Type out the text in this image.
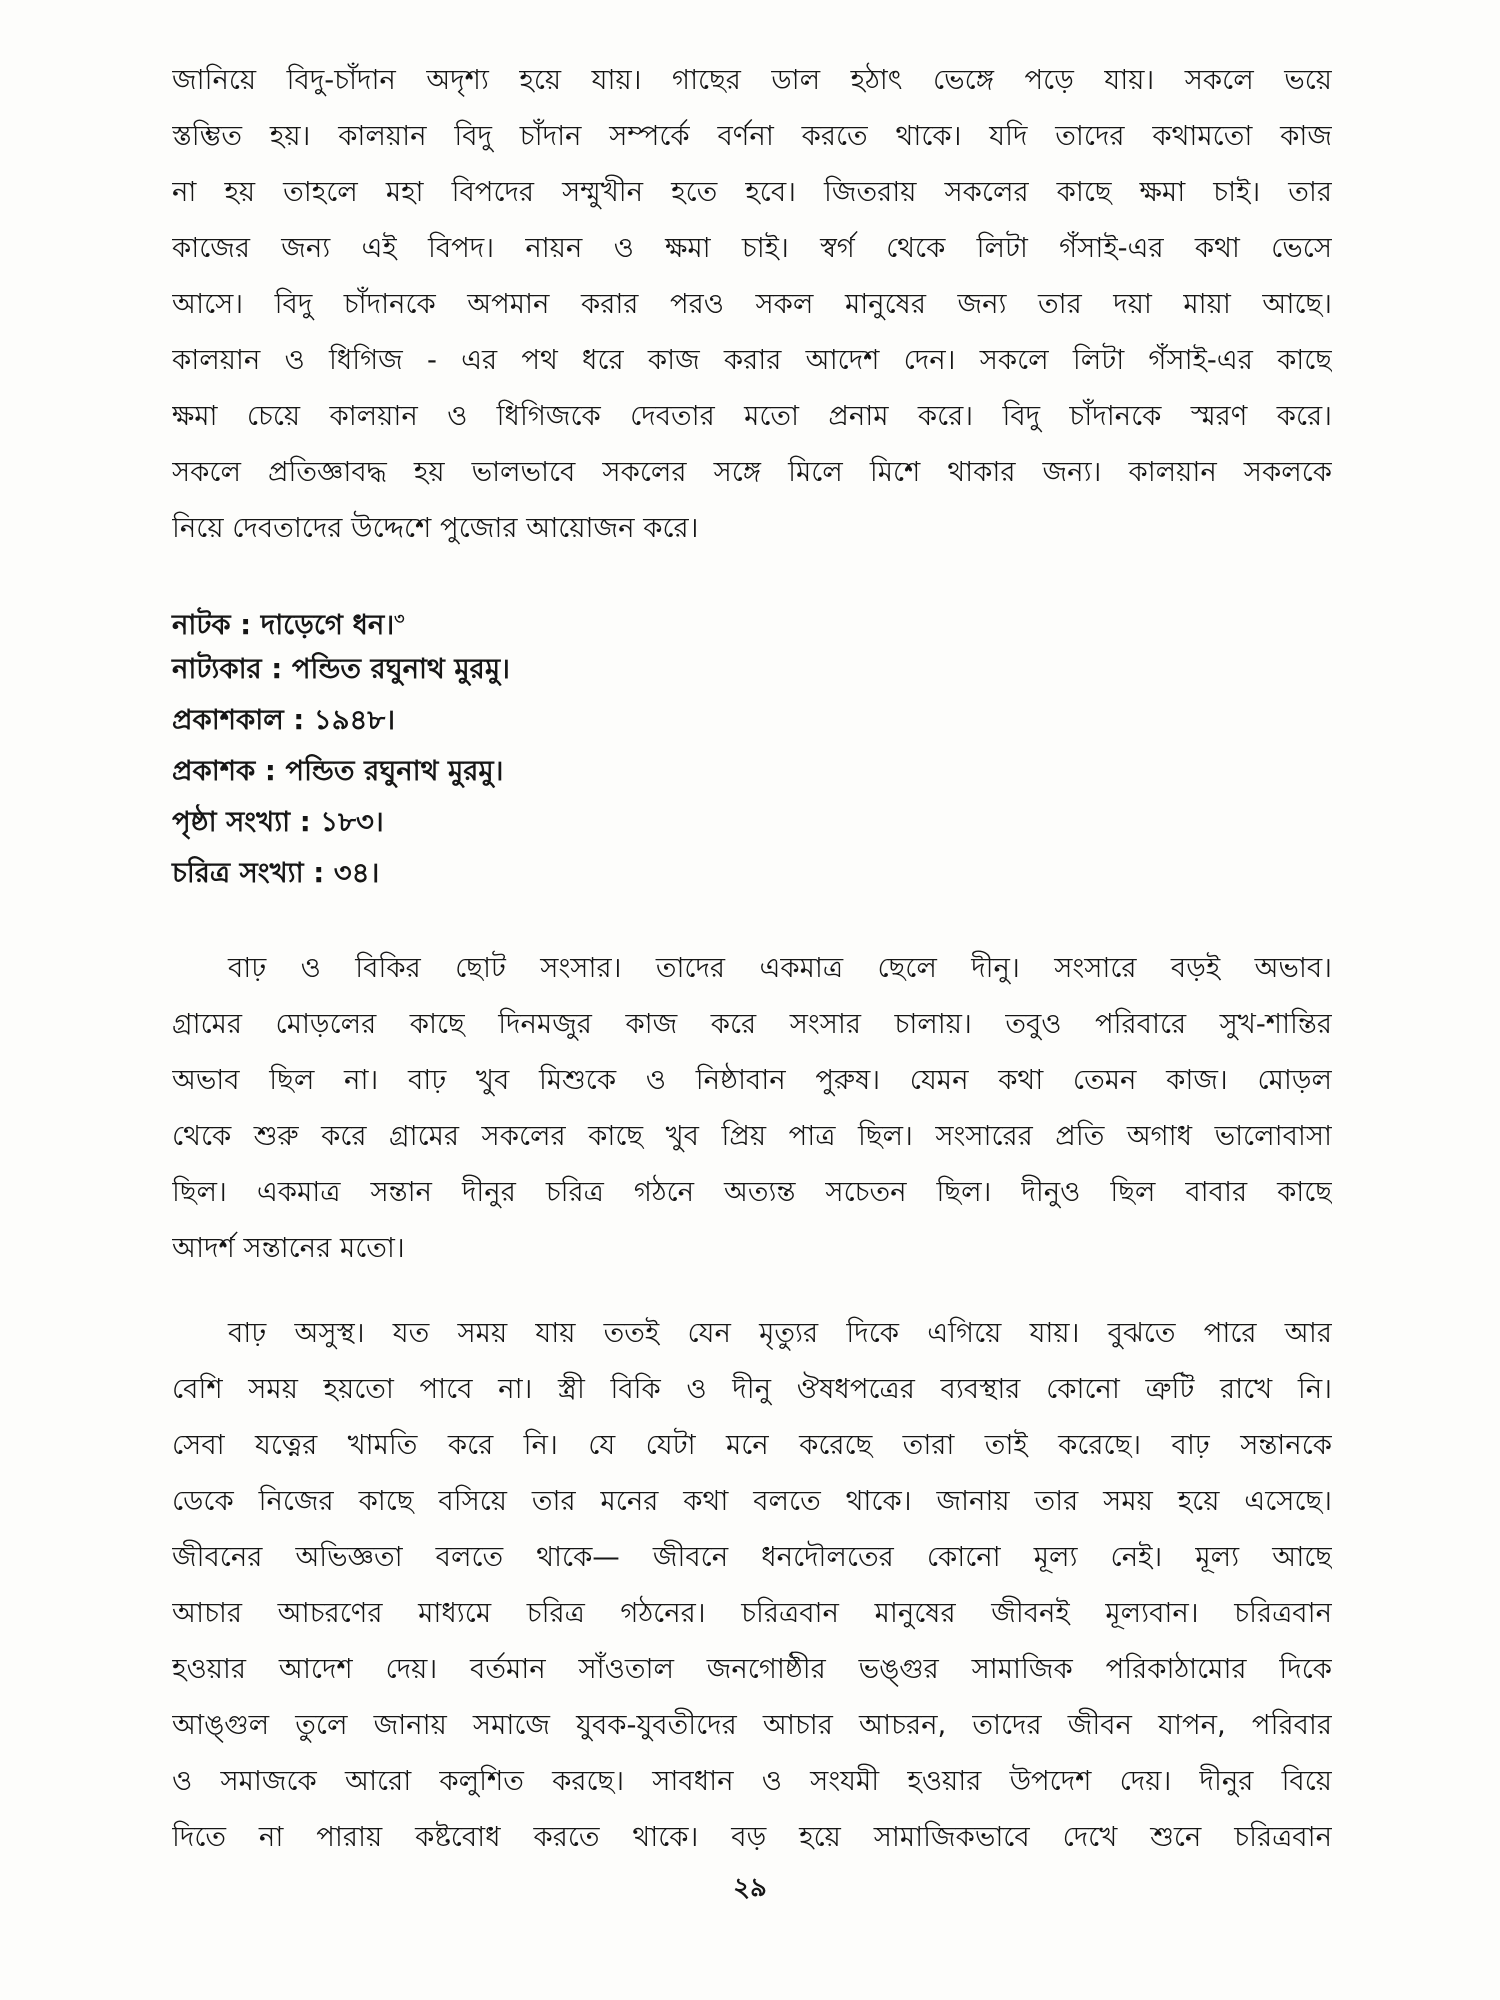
জানিয়ে বিদু-চাঁদান অদৃশ্য হয়ে যায়। গাছের ডাল হঠাৎ ভেঙ্গে পড়ে যায়। সকলে ভয়ে
স্তম্ভিত হয়। কালয়ান বিদু চাঁদান সম্পর্কে বর্ণনা করতে থাকে। যদি তাদের কথামতো কাজ
না হয় তাহলে মহা বিপদের সম্মুখীন হতে হবে। জিতরায় সকলের কাছে ক্ষমা চাই। তার
কাজের জন্য এই বিপদ। নায়ন ও ক্ষমা চাই। স্বর্গ থেকে লিটা গঁসাই-এর কথা ভেসে
আসে। বিদু চাঁদানকে অপমান করার পরও সকল মানুষের জন্য তার দয়া মায়া আছে।
কালয়ান ও ধিগিজ - এর পথ ধরে কাজ করার আদেশ দেন। সকলে লিটা গঁসাই-এর কাছে
ক্ষমা চেয়ে কালয়ান ও ধিগিজকে দেবতার মতো প্রনাম করে। বিদু চাঁদানকে স্মরণ করে।
সকলে প্রতিজ্ঞাবদ্ধ হয় ভালভাবে সকলের সঙ্গে মিলে মিশে থাকার জন্য। কালয়ান সকলকে
নিয়ে দেবতাদের উদ্দেশে পুজোর আয়োজন করে।
নাটক : দাড়েগে ধন।$^৩$
নাট্যকার : পন্ডিত রঘুনাথ মুরমু।
প্রকাশকাল : ১৯৪৮।
প্রকাশক : পন্ডিত রঘুনাথ মুরমু।
পৃষ্ঠা সংখ্যা : ১৮৩।
চরিত্র সংখ্যা : ৩৪।
বাঢ় ও বিকির ছোট সংসার। তাদের একমাত্র ছেলে দীনু। সংসারে বড়ই অভাব।
গ্রামের মোড়লের কাছে দিনমজুর কাজ করে সংসার চালায়। তবুও পরিবারে সুখ-শান্তির
অভাব ছিল না। বাঢ় খুব মিশুকে ও নিষ্ঠাবান পুরুষ। যেমন কথা তেমন কাজ। মোড়ল
থেকে শুরু করে গ্রামের সকলের কাছে খুব প্রিয় পাত্র ছিল। সংসারের প্রতি অগাধ ভালোবাসা
ছিল। একমাত্র সন্তান দীনুর চরিত্র গঠনে অত্যন্ত সচেতন ছিল। দীনুও ছিল বাবার কাছে
আদর্শ সন্তানের মতো।
বাঢ় অসুস্থ। যত সময় যায় ততই যেন মৃত্যুর দিকে এগিয়ে যায়। বুঝতে পারে আর
বেশি সময় হয়তো পাবে না। স্ত্রী বিকি ও দীনু ঔষধপত্রের ব্যবস্থার কোনো ত্রুটি রাখে নি।
সেবা যত্নের খামতি করে নি। যে যেটা মনে করেছে তারা তাই করেছে। বাঢ় সন্তানকে
ডেকে নিজের কাছে বসিয়ে তার মনের কথা বলতে থাকে। জানায় তার সময় হয়ে এসেছে।
জীবনের অভিজ্ঞতা বলতে থাকে— জীবনে ধনদৌলতের কোনো মূল্য নেই। মূল্য আছে
আচার আচরণের মাধ্যমে চরিত্র গঠনের। চরিত্রবান মানুষের জীবনই মূল্যবান। চরিত্রবান
হওয়ার আদেশ দেয়। বর্তমান সাঁওতাল জনগোষ্ঠীর ভঙ্গুর সামাজিক পরিকাঠামোর দিকে
আঙ্গুল তুলে জানায় সমাজে যুবক-যুবতীদের আচার আচরন, তাদের জীবন যাপন, পরিবার
ও সমাজকে আরো কলুশিত করছে। সাবধান ও সংযমী হওয়ার উপদেশ দেয়। দীনুর বিয়ে
দিতে না পারায় কষ্টবোধ করতে থাকে। বড় হয়ে সামাজিকভাবে দেখে শুনে চরিত্রবান
২৯
